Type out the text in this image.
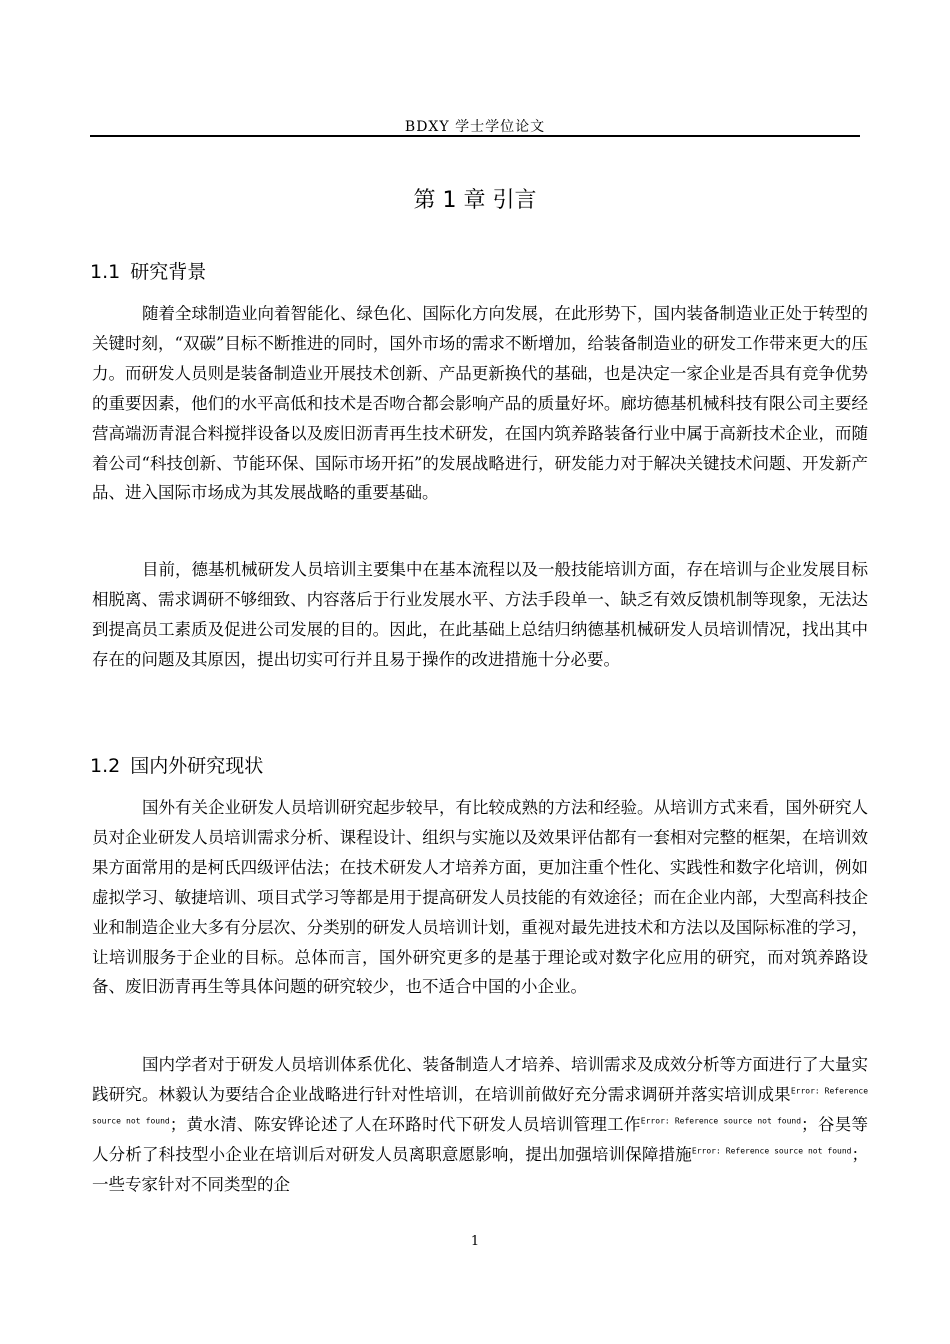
BDXY 学士学位论文
第 1 章 引言
1.1 研究背景

随着全球制造业向着智能化、绿色化、国际化方向发展，在此形势下，国内装备制造业正处于转型的关键时刻，“双碳”目标不断推进的同时，国外市场的需求不断增加，给装备制造业的研发工作带来更大的压力。而研发人员则是装备制造业开展技术创新、产品更新换代的基础，也是决定一家企业是否具有竞争优势的重要因素，他们的水平高低和技术是否吻合都会影响产品的质量好坏。廊坊德基机械科技有限公司主要经营高端沥青混合料搅拌设备以及废旧沥青再生技术研发，在国内筑养路装备行业中属于高新技术企业，而随着公司“科技创新、节能环保、国际市场开拓”的发展战略进行，研发能力对于解决关键技术问题、开发新产品、进入国际市场成为其发展战略的重要基础。

目前，德基机械研发人员培训主要集中在基本流程以及一般技能培训方面，存在培训与企业发展目标相脱离、需求调研不够细致、内容落后于行业发展水平、方法手段单一、缺乏有效反馈机制等现象，无法达到提高员工素质及促进公司发展的目的。因此，在此基础上总结归纳德基机械研发人员培训情况，找出其中存在的问题及其原因，提出切实可行并且易于操作的改进措施十分必要。

1.2 国内外研究现状

国外有关企业研发人员培训研究起步较早，有比较成熟的方法和经验。从培训方式来看，国外研究人员对企业研发人员培训需求分析、课程设计、组织与实施以及效果评估都有一套相对完整的框架，在培训效果方面常用的是柯氏四级评估法；在技术研发人才培养方面，更加注重个性化、实践性和数字化培训，例如虚拟学习、敏捷培训、项目式学习等都是用于提高研发人员技能的有效途径；而在企业内部，大型高科技企业和制造企业大多有分层次、分类别的研发人员培训计划，重视对最先进技术和方法以及国际标准的学习，让培训服务于企业的目标。总体而言，国外研究更多的是基于理论或对数字化应用的研究，而对筑养路设备、废旧沥青再生等具体问题的研究较少，也不适合中国的小企业。

国内学者对于研发人员培训体系优化、装备制造人才培养、培训需求及成效分析等方面进行了大量实践研究。林毅认为要结合企业战略进行针对性培训，在培训前做好充分需求调研并落实培训成果$^{Error: Reference source not found}$；黄水清、陈安铧论述了人在环路时代下研发人员培训管理工作$^{Error: Reference source not found}$；谷昊等人分析了科技型小企业在培训后对研发人员离职意愿影响，提出加强培训保障措施$^{Error: Reference source not found}$；一些专家针对不同类型的企

1
